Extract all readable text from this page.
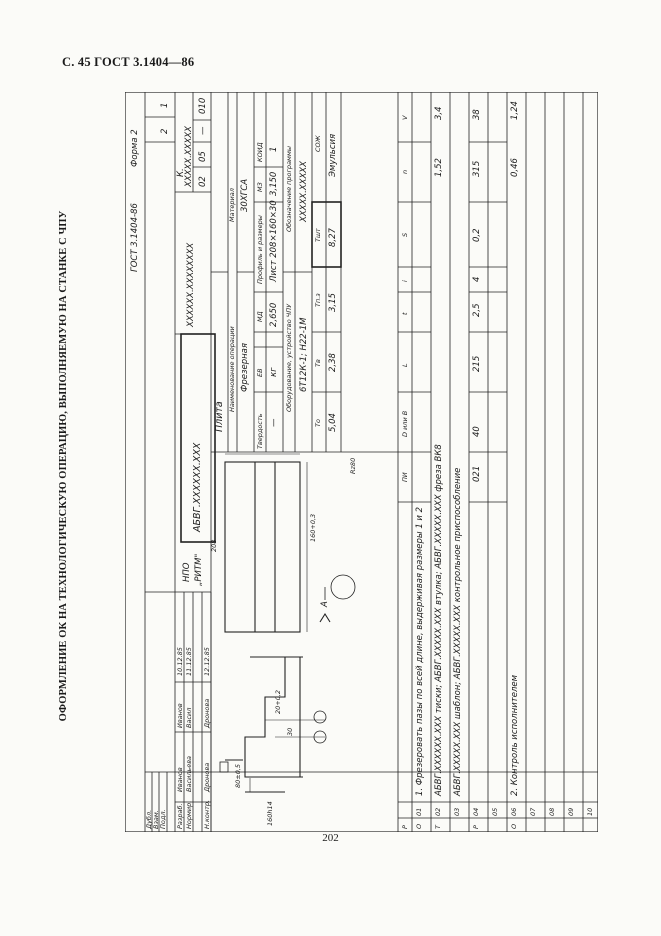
С. 45 ГОСТ 3.1404—86
ОФОРМЛЕНИЕ ОК НА ТЕХНОЛОГИЧЕСКУЮ ОПЕРАЦИЮ, ВЫПОЛНЯЕМУЮ НА СТАНКЕ С ЧПУ
202
ГОСТ 3.1404-86
Форма 2 2
1
Дубл. Взам. Подл. Разраб.
Иванов
Иванов
10.12.85
Нормир.
Васильева
Васил
11.12.85
Н.контр.
Дронова
Дронова
12.12.85
НПО „РИТМ"
АБВГ.ХХХХХХ.ХХХ
ХХХХХХ.ХХХХХХХХ
К.
ХХХХХ.ХХХХХ 02
05
—
010
Плита
Наименование операции
Материал
Фрезерная
30ХГСА
Твердость
ЕВ
МД
Профиль и размеры
МЗ
КОИД
—
кг
2,650
Лист 208×160×30
3,150
1
Оборудование, устройство ЧПУ
Обозначение программы
6Т12К-1; Н22-1М
ХХХХХ.ХХХХХ
То
Тв
Тп.з
Тшт
СОЖ
5,04
2,38
3,15
8,27
Эмульсия
30
20+0,2
80±0,5
160h14
160+0,3
208
Rz80
А
Р
ПИ
D или В
L
t
i
S
n
V
О
01
1. Фрезеровать пазы по всей длине, выдерживая размеры 1 и 2
Т
02
АБВГ.ХХХХХХ.ХХХ тиски; АБВГ.ХХХХХ.ХХХ втулка; АБВГ.ХХХХХ.ХХХ фреза ВК8
1,52
3,4
03
АБВГ.ХХХХХ.ХХХ шаблон; АБВГ.ХХХХХ.ХХХ контрольное приспособление
Р
04
021
40
215
2,5
4
0,2
315
38
05
О
06
2. Контроль исполнителем
0,46
1,24
07 08 09 10
